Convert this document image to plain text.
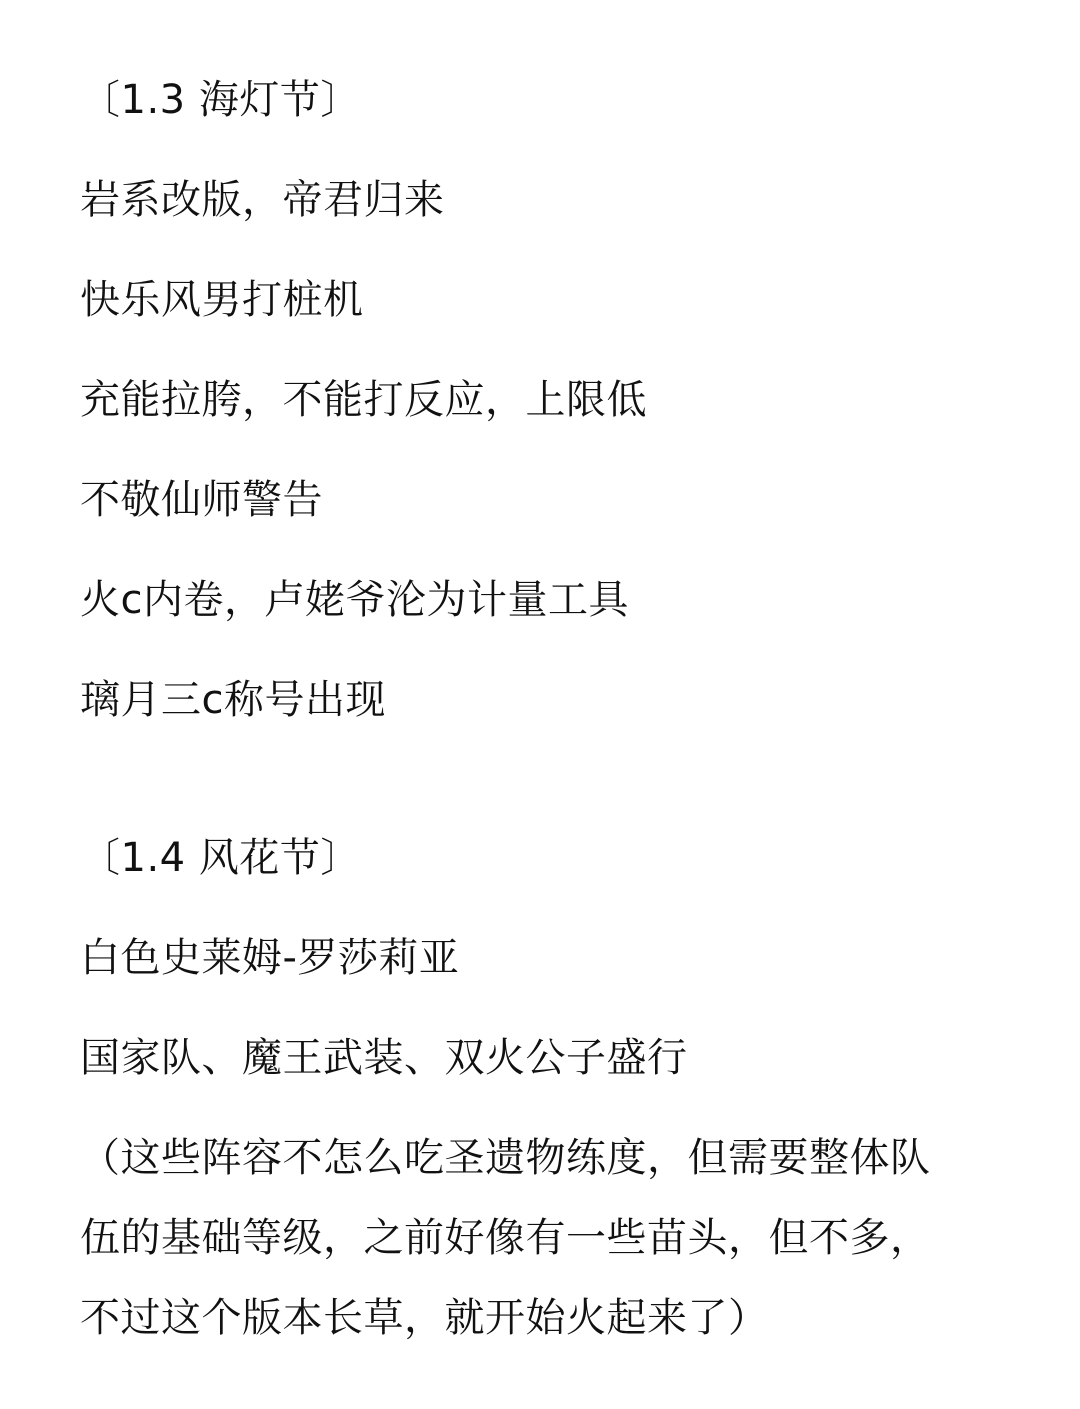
〔1.3 海灯节〕
岩系改版，帝君归来
快乐风男打桩机
充能拉胯，不能打反应，上限低
不敬仙师警告
火c内卷，卢姥爷沦为计量工具
璃月三c称号出现
〔1.4 风花节〕
白色史莱姆-罗莎莉亚
国家队、魔王武装、双火公子盛行
（这些阵容不怎么吃圣遗物练度，但需要整体队
伍的基础等级，之前好像有一些苗头，但不多，
不过这个版本长草，就开始火起来了）
